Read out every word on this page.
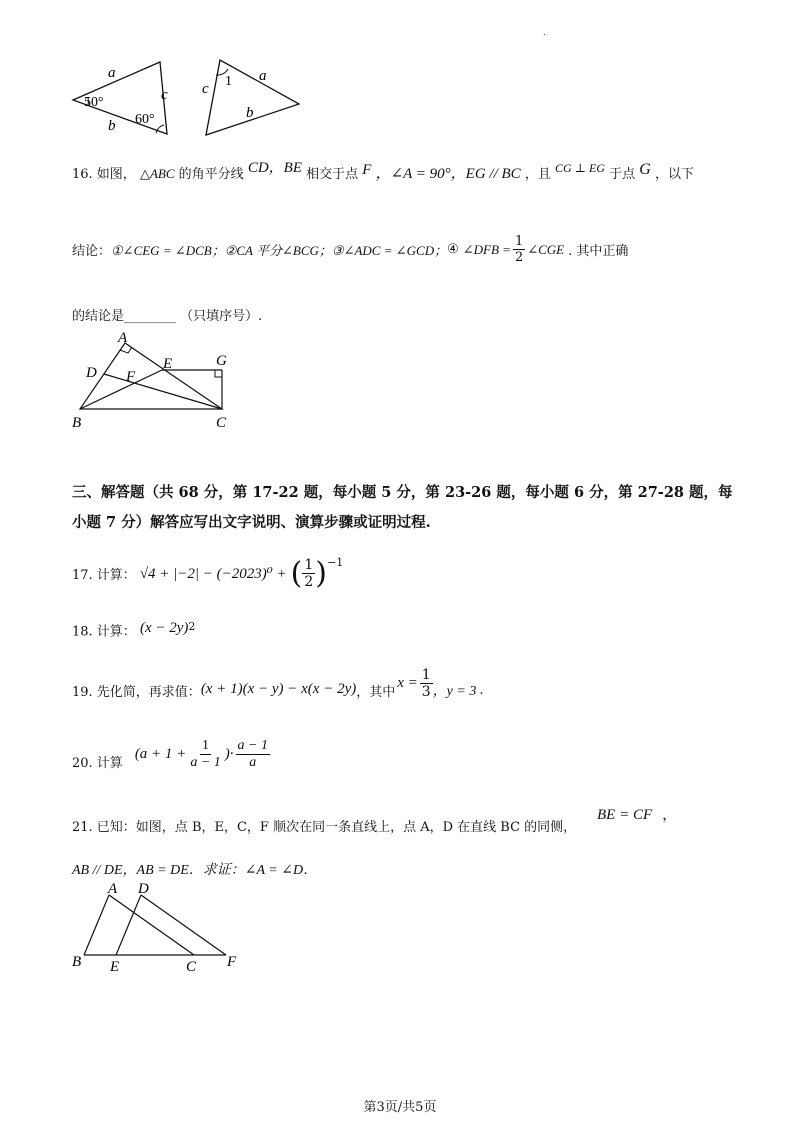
.
a
c
b
50°
60°
c
a
b
1
16. 如图， △ABC 的角平分线 CD，BE 相交于点 F ，∠A = 90°，EG // BC ，且 CG ⊥ EG 于点 G ，以下
结论： ①∠CEG = ∠DCB； ②CA 平分∠BCG； ③∠ADC = ∠GCD； ④ ∠DFB = $\frac{1}{2}$ ∠CGE . 其中正确
的结论是________ （只填序号）.
A
D
E
F
G
B	C
三、解答题（共 68 分，第 17-22 题，每小题 5 分，第 23-26 题，每小题 6 分，第 27-28 题，每
小题 7 分）解答应写出文字说明、演算步骤或证明过程.
17. 计算： √4 + |−2| − (−2023)⁰ + ( $\frac{1}{2}$ ) −1
18. 计算： $(x - 2y)^2$
19. 先化简，再求值： (x + 1)(x − y) − x(x − 2y) ，其中
$x = \frac{1}{3}$ ，y = 3 .
20. 计算
($a + 1 + \frac{1}{a - 1}$ )· $\frac{a - 1}{a}$
21. 已知：如图，点 B，E，C，F 顺次在同一条直线上，点 A，D 在直线 BC 的同侧，
BE = CF ，
AB // DE，AB = DE．求证：∠A = ∠D．
A D
B E	C F
第3页/共5页
